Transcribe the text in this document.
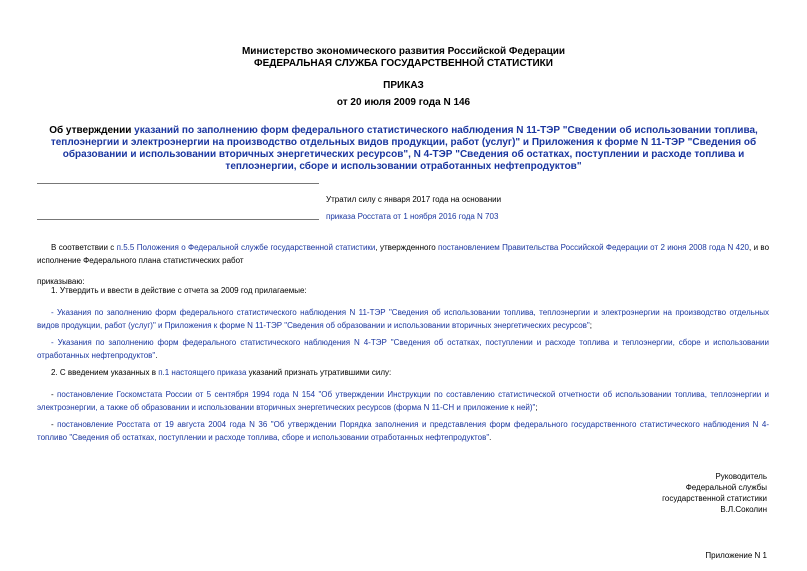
Министерство экономического развития Российской Федерации
ФЕДЕРАЛЬНАЯ СЛУЖБА ГОСУДАРСТВЕННОЙ СТАТИСТИКИ
ПРИКАЗ
от 20 июля 2009 года N 146
Об утверждении указаний по заполнению форм федерального статистического наблюдения N 11-ТЭР "Сведении об использовании топлива, теплоэнергии и электроэнергии на производство отдельных видов продукции, работ (услуг)" и Приложения к форме N 11-ТЭР "Сведения об образовании и использовании вторичных энергетических ресурсов", N 4-ТЭР "Сведения об остатках, поступлении и расходе топлива и теплоэнергии, сборе и использовании отработанных нефтепродуктов"
Утратил силу с января 2017 года на основании
приказа Росстата от 1 ноября 2016 года N 703
В соответствии с п.5.5 Положения о Федеральной службе государственной статистики, утвержденного постановлением Правительства Российской Федерации от 2 июня 2008 года N 420, и во исполнение Федерального плана статистических работ
приказываю:
1. Утвердить и ввести в действие с отчета за 2009 год прилагаемые:
- Указания по заполнению форм федерального статистического наблюдения N 11-ТЭР "Сведения об использовании топлива, теплоэнергии и электроэнергии на производство отдельных видов продукции, работ (услуг)" и Приложения к форме N 11-ТЭР "Сведения об образовании и использовании вторичных энергетических ресурсов";
- Указания по заполнению форм федерального статистического наблюдения N 4-ТЭР "Сведения об остатках, поступлении и расходе топлива и теплоэнергии, сборе и использовании отработанных нефтепродуктов".
2. С введением указанных в п.1 настоящего приказа указаний признать утратившими силу:
- постановление Госкомстата России от 5 сентября 1994 года N 154 "Об утверждении Инструкции по составлению статистической отчетности об использовании топлива, теплоэнергии и электроэнергии, а также об образовании и использовании вторичных энергетических ресурсов (форма N 11-СН и приложение к ней)";
- постановление Росстата от 19 августа 2004 года N 36 "Об утверждении Порядка заполнения и представления форм федерального государственного статистического наблюдения N 4-топливо "Сведения об остатках, поступлении и расходе топлива, сборе и использовании отработанных нефтепродуктов".
Руководитель
Федеральной службы
государственной статистики
В.Л.Соколин
Приложение N 1
